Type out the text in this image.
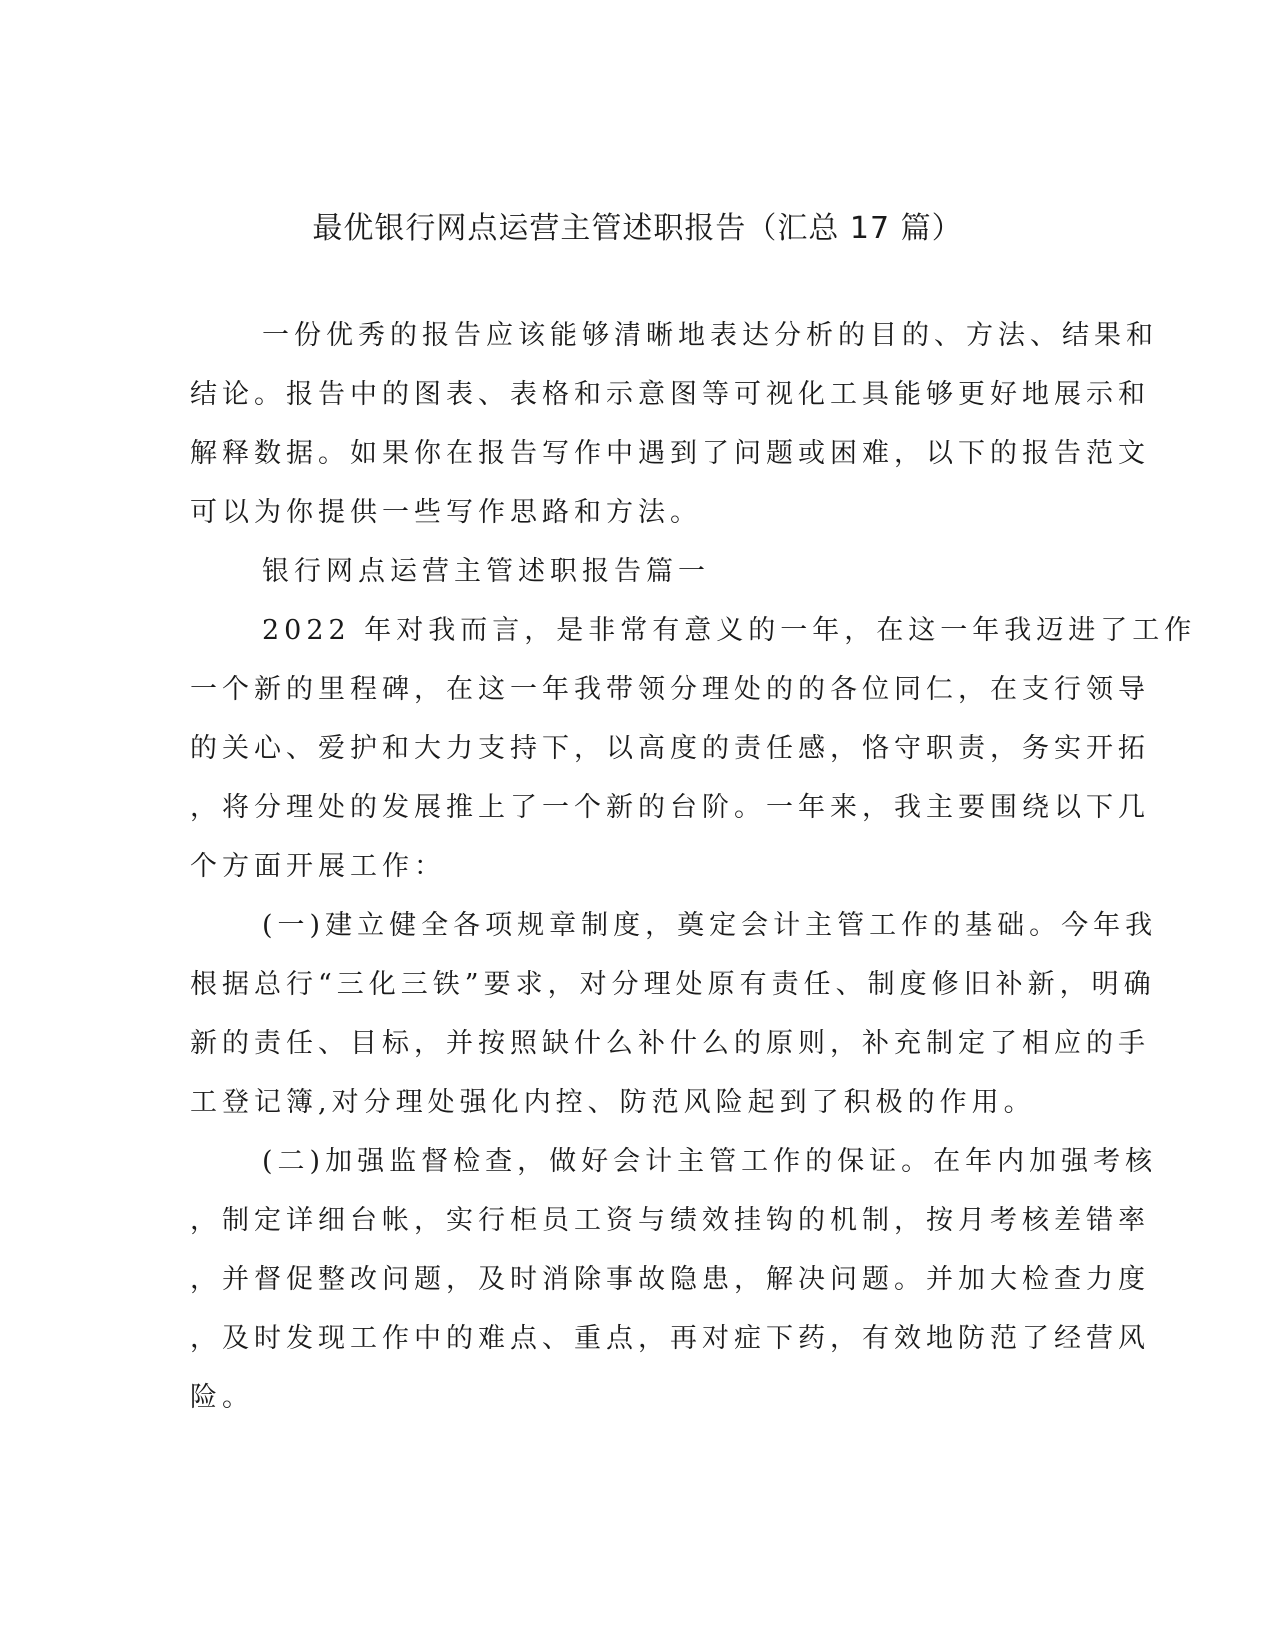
最优银行网点运营主管述职报告（汇总 17 篇）
一份优秀的报告应该能够清晰地表达分析的目的、方法、结果和
结论。报告中的图表、表格和示意图等可视化工具能够更好地展示和
解释数据。如果你在报告写作中遇到了问题或困难，以下的报告范文
可以为你提供一些写作思路和方法。
银行网点运营主管述职报告篇一
2022 年对我而言，是非常有意义的一年，在这一年我迈进了工作
一个新的里程碑，在这一年我带领分理处的的各位同仁，在支行领导
的关心、爱护和大力支持下，以高度的责任感，恪守职责，务实开拓
，将分理处的发展推上了一个新的台阶。一年来，我主要围绕以下几
个方面开展工作：
(一)建立健全各项规章制度，奠定会计主管工作的基础。今年我
根据总行“三化三铁”要求，对分理处原有责任、制度修旧补新，明确
新的责任、目标，并按照缺什么补什么的原则，补充制定了相应的手
工登记簿,对分理处强化内控、防范风险起到了积极的作用。
(二)加强监督检查，做好会计主管工作的保证。在年内加强考核
，制定详细台帐，实行柜员工资与绩效挂钩的机制，按月考核差错率
，并督促整改问题，及时消除事故隐患，解决问题。并加大检查力度
，及时发现工作中的难点、重点，再对症下药，有效地防范了经营风
险。
